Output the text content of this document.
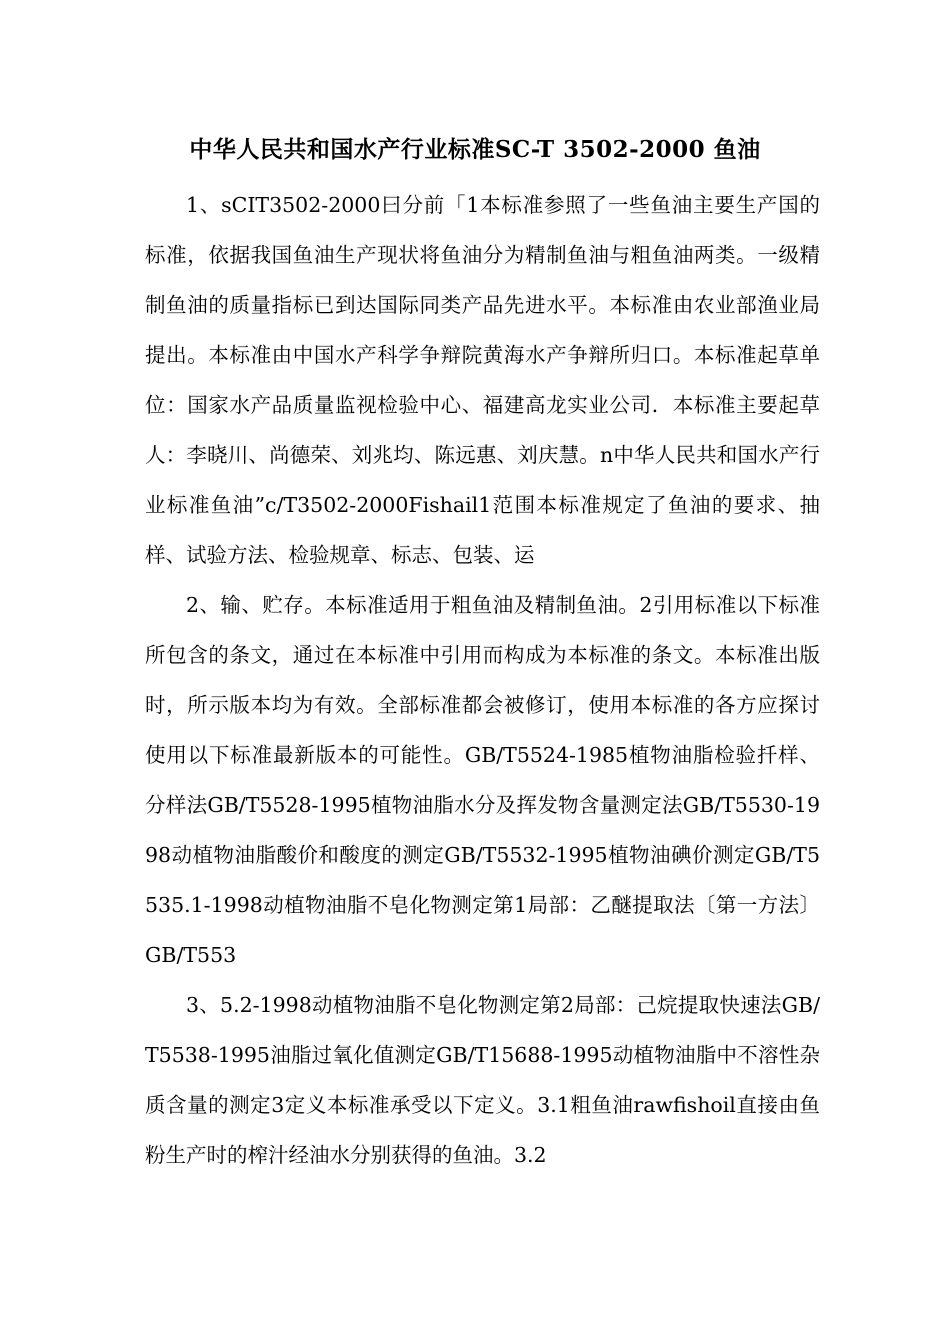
中华人民共和国水产行业标准SC-T 3502-2000 鱼油

1、sCIT3502-2000曰分前「1本标准参照了一些鱼油主要生产国的标准，依据我国鱼油生产现状将鱼油分为精制鱼油与粗鱼油两类。一级精制鱼油的质量指标已到达国际同类产品先进水平。本标准由农业部渔业局提出。本标准由中国水产科学争辩院黄海水产争辩所归口。本标准起草单位：国家水产品质量监视检验中心、福建高龙实业公司．本标准主要起草人：李晓川、尚德荣、刘兆均、陈远惠、刘庆慧。n中华人民共和国水产行业标准鱼油”c/T3502-2000Fishail1范围本标准规定了鱼油的要求、抽样、试验方法、检验规章、标志、包装、运

2、输、贮存。本标准适用于粗鱼油及精制鱼油。2引用标准以下标准所包含的条文，通过在本标准中引用而构成为本标准的条文。本标准出版时，所示版本均为有效。全部标准都会被修订，使用本标准的各方应探讨使用以下标准最新版本的可能性。GB/T5524-1985植物油脂检验扦样、分样法GB/T5528-1995植物油脂水分及挥发物含量测定法GB/T5530-1998动植物油脂酸价和酸度的测定GB/T5532-1995植物油碘价测定GB/T5535.1-1998动植物油脂不皂化物测定第1局部：乙醚提取法〔第一方法〕GB/T553

3、5.2-1998动植物油脂不皂化物测定第2局部：己烷提取快速法GB/T5538-1995油脂过氧化值测定GB/T15688-1995动植物油脂中不溶性杂质含量的测定3定义本标准承受以下定义。3.1粗鱼油rawfishoil直接由鱼粉生产时的榨汁经油水分别获得的鱼油。3.2
